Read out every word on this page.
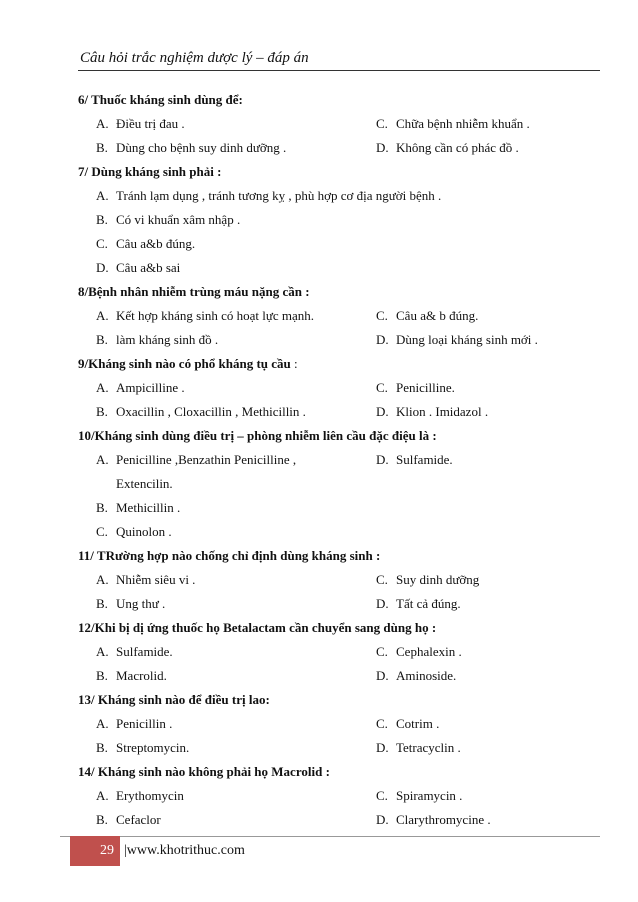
Câu hỏi trắc nghiệm dược lý – đáp án
6/ Thuốc kháng sinh dùng để:
A. Điều trị đau .	C. Chữa bệnh nhiễm khuẩn .
B. Dùng cho bệnh suy dinh dưỡng .	D. Không cần có phác đồ .
7/ Dùng kháng sinh phải :
A. Tránh lạm dụng , tránh tương kỵ , phù hợp cơ địa người bệnh .
B. Có vi khuẩn xâm nhập .
C. Câu a&b đúng.
D. Câu a&b sai
8/Bệnh nhân nhiễm trùng máu nặng cần :
A. Kết hợp kháng sinh có hoạt lực mạnh.	C. Câu a& b đúng.
B. làm kháng sinh đồ .	D. Dùng loại kháng sinh mới .
9/Kháng sinh nào có phổ kháng tụ cầu :
A. Ampicilline .	C. Penicilline.
B. Oxacillin , Cloxacillin , Methicillin .	D. Klion . Imidazol .
10/Kháng sinh dùng điều trị – phòng nhiễm liên cầu đặc điệu là :
A. Penicilline ,Benzathin Penicilline ,	D. Sulfamide.
Extencilin.
B. Methicillin .
C. Quinolon .
11/ TRường hợp nào chống chỉ định dùng kháng sinh :
A. Nhiễm siêu vi .	C. Suy dinh dưỡng
B. Ung thư .	D. Tất cả đúng.
12/Khi bị dị ứng thuốc họ Betalactam cần chuyển sang dùng họ :
A. Sulfamide.	C. Cephalexin .
B. Macrolid.	D. Aminoside.
13/ Kháng sinh nào để điều trị lao:
A. Penicillin .	C. Cotrim .
B. Streptomycin.	D. Tetracyclin .
14/ Kháng sinh nào không phải họ Macrolid :
A. Erythomycin	C. Spiramycin .
B. Cefaclor	D. Clarythromycine .
29 |www.khotrithuc.com
